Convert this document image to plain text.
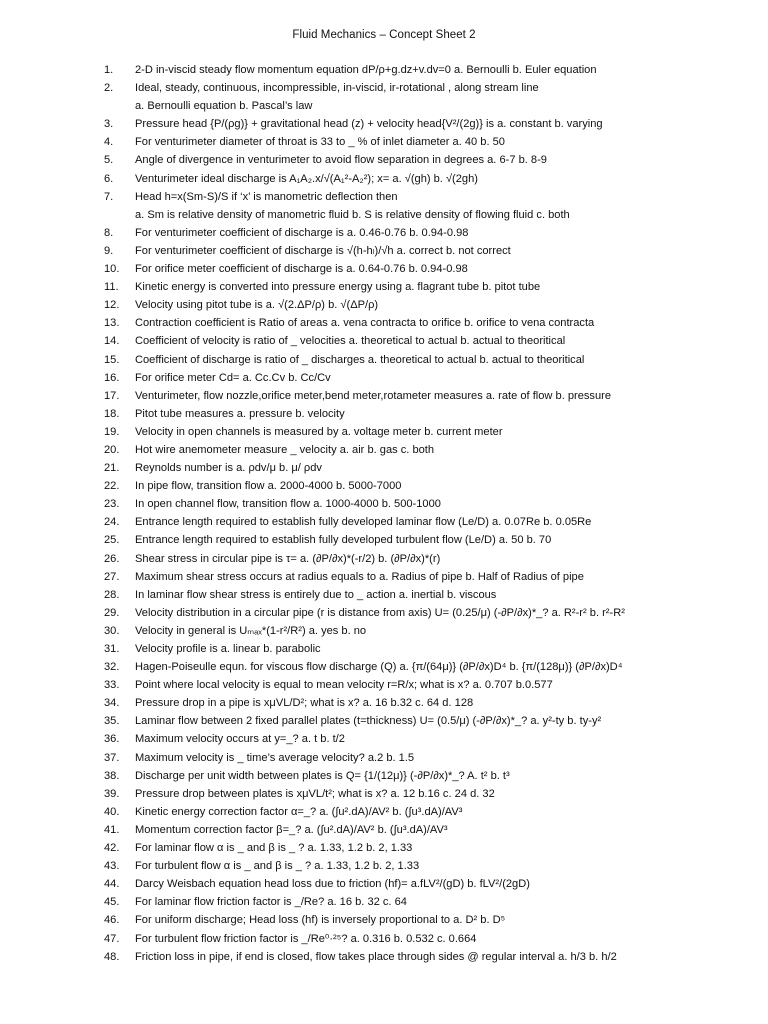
Fluid Mechanics – Concept Sheet 2
1.	2-D in-viscid steady flow momentum equation dP/ρ+g.dz+v.dv=0 a. Bernoulli b. Euler equation
2.	Ideal, steady, continuous, incompressible, in-viscid, ir-rotational , along stream line
a. Bernoulli equation b. Pascal’s law
3.	Pressure head {P/(ρg)} + gravitational head (z) + velocity head{V²/(2g)} is a. constant b. varying
4.	For venturimeter diameter of throat is 33 to _ % of inlet diameter a. 40 b. 50
5.	Angle of divergence in venturimeter to avoid flow separation in degrees a. 6-7 b. 8-9
6.	Venturimeter ideal discharge is A₁A₂.x/√(A₁²-A₂²); x= a. √(gh) b. √(2gh)
7.	Head h=x(Sm-S)/S if ‘x’ is manometric deflection then
a. Sm is relative density of manometric fluid b. S is relative density of flowing fluid c. both
8.	For venturimeter coefficient of discharge is a. 0.46-0.76 b. 0.94-0.98
9.	For venturimeter coefficient of discharge is √(h-hₗ)/√h a. correct b. not correct
10.	For orifice meter coefficient of discharge is a. 0.64-0.76 b. 0.94-0.98
11.	Kinetic energy is converted into pressure energy using a. flagrant tube b. pitot tube
12.	Velocity using pitot tube is a. √(2.ΔP/ρ) b. √(ΔP/ρ)
13.	Contraction coefficient is Ratio of areas a. vena contracta to orifice b. orifice to vena contracta
14.	Coefficient of velocity is ratio of _ velocities a. theoretical to actual b. actual to theoritical
15.	Coefficient of discharge is ratio of _ discharges a. theoretical to actual b. actual to theoritical
16.	For orifice meter Cd= a. Cc.Cv b. Cc/Cv
17.	Venturimeter, flow nozzle,orifice meter,bend meter,rotameter measures a. rate of flow b. pressure
18.	Pitot tube measures a. pressure b. velocity
19.	Velocity in open channels is measured by a. voltage meter b. current meter
20.	Hot wire anemometer measure _ velocity a. air b. gas c. both
21.	Reynolds number is a. ρdv/μ b. μ/ ρdv
22.	In pipe flow, transition flow a. 2000-4000 b. 5000-7000
23.	In open channel flow, transition flow a. 1000-4000 b. 500-1000
24.	Entrance length required to establish fully developed laminar flow (Le/D) a. 0.07Re b. 0.05Re
25.	Entrance length required to establish fully developed turbulent flow (Le/D) a. 50 b. 70
26.	Shear stress in circular pipe is τ= a. (∂P/∂x)*(-r/2) b. (∂P/∂x)*(r)
27.	Maximum shear stress occurs at radius equals to a. Radius of pipe b. Half of Radius of pipe
28.	In laminar flow shear stress is entirely due to _ action a. inertial b. viscous
29.	Velocity distribution in a circular pipe (r is distance from axis) U= (0.25/μ) (-∂P/∂x)*_? a. R²-r² b. r²-R²
30.	Velocity in general is Uₘₐₓ*(1-r²/R²) a. yes b. no
31.	Velocity profile is a. linear b. parabolic
32.	Hagen-Poiseulle equn. for viscous flow discharge (Q) a. {π/(64μ)} (∂P/∂x)D⁴ b. {π/(128μ)} (∂P/∂x)D⁴
33.	Point where local velocity is equal to mean velocity r=R/x; what is x? a. 0.707 b.0.577
34.	Pressure drop in a pipe is xμVL/D²; what is x? a. 16 b.32 c. 64 d. 128
35.	Laminar flow between 2 fixed parallel plates (t=thickness) U= (0.5/μ) (-∂P/∂x)*_? a. y²-ty b. ty-y²
36.	Maximum velocity occurs at y=_? a. t b. t/2
37.	Maximum velocity is _ time’s average velocity? a.2 b. 1.5
38.	Discharge per unit width between plates is Q= {1/(12μ)} (-∂P/∂x)*_? A. t² b. t³
39.	Pressure drop between plates is xμVL/t²; what is x? a. 12 b.16 c. 24 d. 32
40.	Kinetic energy correction factor α=_? a. (∫u².dA)/AV² b. (∫u³.dA)/AV³
41.	Momentum correction factor β=_? a. (∫u².dA)/AV² b. (∫u³.dA)/AV³
42.	For laminar flow α is _ and β is _ ? a. 1.33, 1.2 b. 2, 1.33
43.	For turbulent flow α is _ and β is _ ? a. 1.33, 1.2 b. 2, 1.33
44.	Darcy Weisbach equation head loss due to friction (hf)= a.fLV²/(gD) b. fLV²/(2gD)
45.	For laminar flow friction factor is _/Re? a. 16 b. 32 c. 64
46.	For uniform discharge; Head loss (hf) is inversely proportional to a. D² b. D⁵
47.	For turbulent flow friction factor is _/Re⁰·²⁵? a. 0.316 b. 0.532 c. 0.664
48.	Friction loss in pipe, if end is closed, flow takes place through sides @ regular interval a. h/3 b. h/2
